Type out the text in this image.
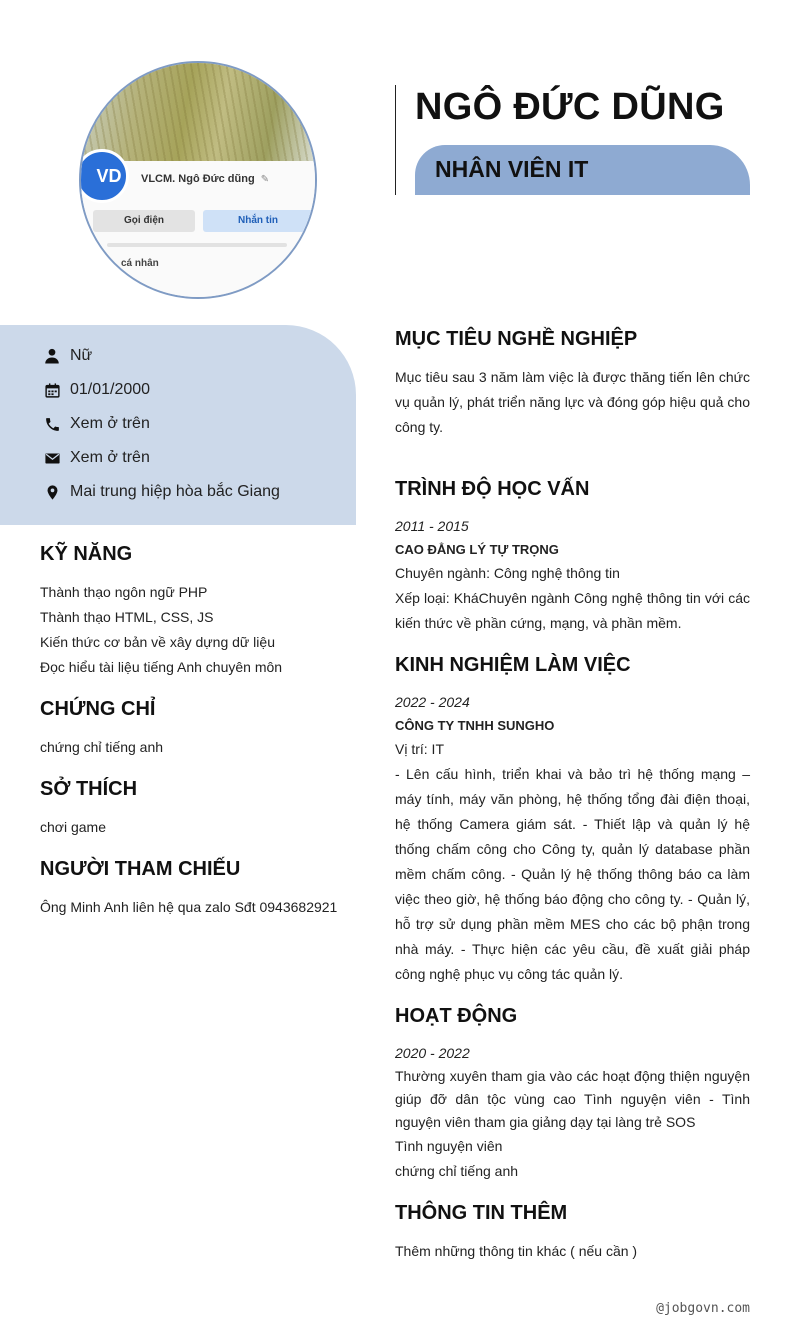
VD	VLCM. Ngô Đức dũng ✎
Gọi điện	Nhắn tin
cá nhân
NGÔ ĐỨC DŨNG
NHÂN VIÊN IT
Nữ
01/01/2000
Xem ở trên
Xem ở trên
Mai trung hiệp hòa bắc Giang
KỸ NĂNG
Thành thạo ngôn ngữ PHP
Thành thạo HTML, CSS, JS
Kiến thức cơ bản về xây dựng dữ liệu
Đọc hiểu tài liệu tiếng Anh chuyên môn
CHỨNG CHỈ
chứng chỉ tiếng anh
SỞ THÍCH
chơi game
NGƯỜI THAM CHIẾU
Ông Minh Anh liên hệ qua zalo Sđt 0943682921
MỤC TIÊU NGHỀ NGHIỆP

Mục tiêu sau 3 năm làm việc là được thăng tiến lên chức vụ quản lý, phát triển năng lực và đóng góp hiệu quả cho công ty.

TRÌNH ĐỘ HỌC VẤN
2011 - 2015
CAO ĐẲNG LÝ TỰ TRỌNG

Chuyên ngành: Công nghệ thông tin

Xếp loại: KháChuyên ngành Công nghệ thông tin với các kiến thức về phần cứng, mạng, và phần mềm.

KINH NGHIỆM LÀM VIỆC
2022 - 2024
CÔNG TY TNHH SUNGHO

Vị trí: IT

- Lên cấu hình, triển khai và bảo trì hệ thống mạng – máy tính, máy văn phòng, hệ thống tổng đài điện thoại, hệ thống Camera giám sát. - Thiết lập và quản lý hệ thống chấm công cho Công ty, quản lý database phần mềm chấm công. - Quản lý hệ thống thông báo ca làm việc theo giờ, hệ thống báo động cho công ty. - Quản lý, hỗ trợ sử dụng phần mềm MES cho các bộ phận trong nhà máy. - Thực hiện các yêu cầu, đề xuất giải pháp công nghệ phục vụ công tác quản lý.

HOẠT ĐỘNG
2020 - 2022

Thường xuyên tham gia vào các hoạt động thiện nguyện giúp đỡ dân tộc vùng cao Tình nguyện viên - Tình nguyện viên tham gia giảng dạy tại làng trẻ SOS

Tình nguyện viên

chứng chỉ tiếng anh

THÔNG TIN THÊM

Thêm những thông tin khác ( nếu cần )

@jobgovn.com
